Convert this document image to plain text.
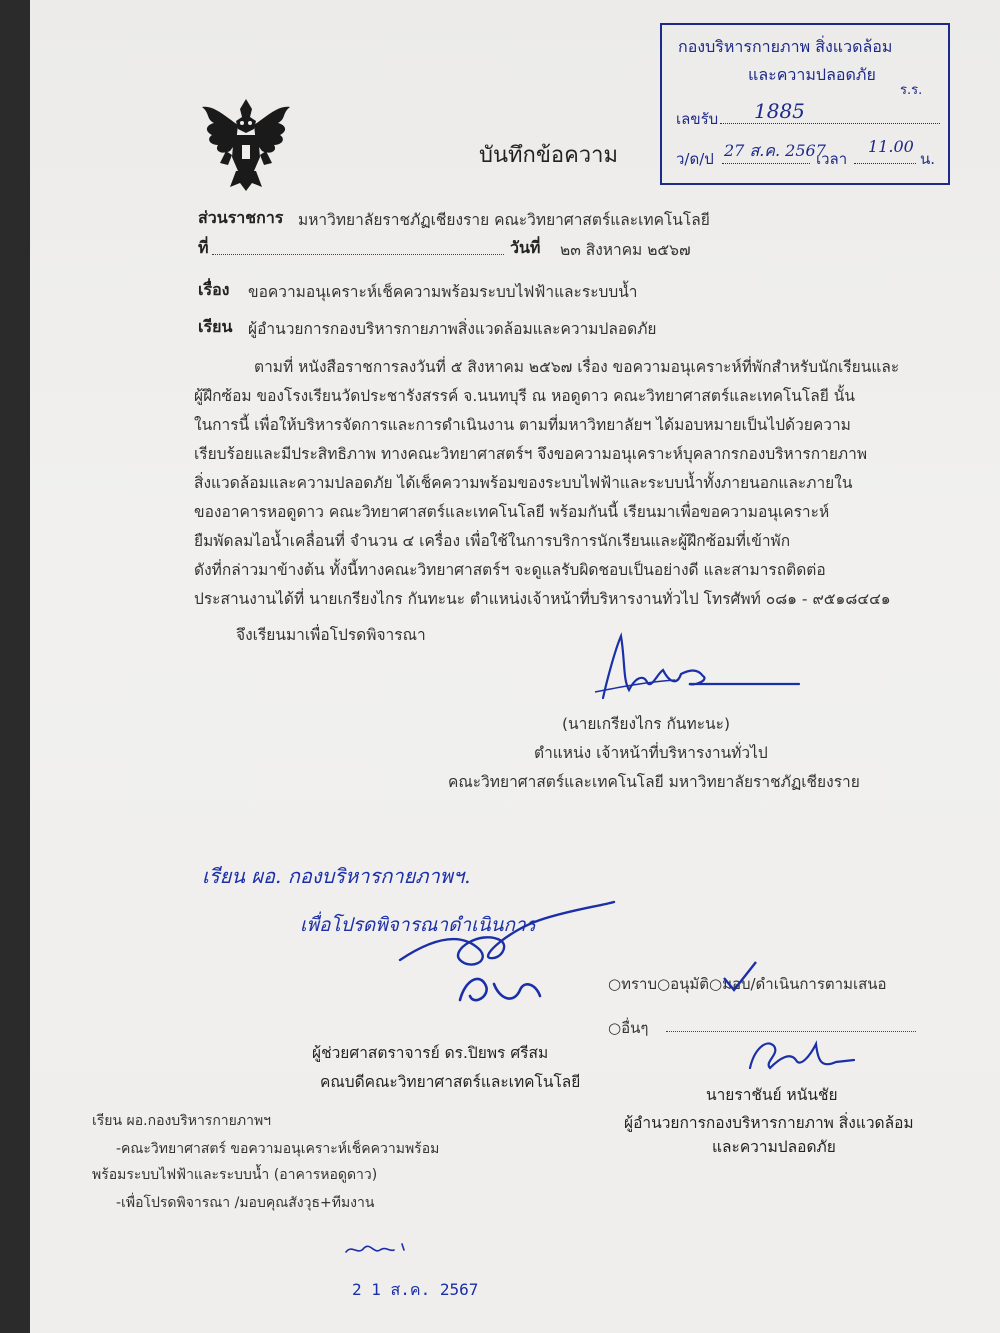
บันทึกข้อความ
กองบริหารกายภาพ สิ่งแวดล้อม
และความปลอดภัย
ร.ร.
เลขรับ 1885
ว/ด/ป 27 ส.ค. 2567
เวลา
11.00
น.
ส่วนราชการ มหาวิทยาลัยราชภัฏเชียงราย คณะวิทยาศาสตร์และเทคโนโลยี
ที่	วันที่ ๒๓ สิงหาคม ๒๕๖๗
เรื่อง ขอความอนุเคราะห์เช็คความพร้อมระบบไฟฟ้าและระบบน้ำ
เรียน ผู้อำนวยการกองบริหารกายภาพสิ่งแวดล้อมและความปลอดภัย
ตามที่ หนังสือราชการลงวันที่ ๕ สิงหาคม ๒๕๖๗ เรื่อง ขอความอนุเคราะห์ที่พักสำหรับนักเรียนและ
ผู้ฝึกซ้อม ของโรงเรียนวัดประชารังสรรค์ จ.นนทบุรี ณ หอดูดาว คณะวิทยาศาสตร์และเทคโนโลยี นั้น
ในการนี้ เพื่อให้บริหารจัดการและการดำเนินงาน ตามที่มหาวิทยาลัยฯ ได้มอบหมายเป็นไปด้วยความ
เรียบร้อยและมีประสิทธิภาพ ทางคณะวิทยาศาสตร์ฯ จึงขอความอนุเคราะห์บุคลากรกองบริหารกายภาพ
สิ่งแวดล้อมและความปลอดภัย ได้เช็คความพร้อมของระบบไฟฟ้าและระบบน้ำทั้งภายนอกและภายใน
ของอาคารหอดูดาว คณะวิทยาศาสตร์และเทคโนโลยี พร้อมกันนี้ เรียนมาเพื่อขอความอนุเคราะห์
ยืมพัดลมไอน้ำเคลื่อนที่ จำนวน ๔ เครื่อง เพื่อใช้ในการบริการนักเรียนและผู้ฝึกซ้อมที่เข้าพัก
ดังที่กล่าวมาข้างต้น ทั้งนี้ทางคณะวิทยาศาสตร์ฯ จะดูแลรับผิดชอบเป็นอย่างดี และสามารถติดต่อ
ประสานงานได้ที่ นายเกรียงไกร กันทะนะ ตำแหน่งเจ้าหน้าที่บริหารงานทั่วไป โทรศัพท์ ๐๘๑ - ๙๕๑๘๔๔๑
จึงเรียนมาเพื่อโปรดพิจารณา
(นายเกรียงไกร กันทะนะ)
ตำแหน่ง เจ้าหน้าที่บริหารงานทั่วไป
คณะวิทยาศาสตร์และเทคโนโลยี มหาวิทยาลัยราชภัฏเชียงราย
เรียน ผอ. กองบริหารกายภาพฯ.
เพื่อโปรดพิจารณาดำเนินการ
ผู้ช่วยศาสตราจารย์ ดร.ปิยพร ศรีสม
คณบดีคณะวิทยาศาสตร์และเทคโนโลยี
○ทราบ○อนุมัติ○มอบ/ดำเนินการตามเสนอ
○อื่นๆ
นายราชันย์ หนันชัย
ผู้อำนวยการกองบริหารกายภาพ สิ่งแวดล้อม
และความปลอดภัย
เรียน ผอ.กองบริหารกายภาพฯ
-คณะวิทยาศาสตร์ ขอความอนุเคราะห์เช็คความพร้อม
พร้อมระบบไฟฟ้าและระบบน้ำ (อาคารหอดูดาว)
-เพื่อโปรดพิจารณา /มอบคุณสังวุธ+ทีมงาน
2 1 ส.ค. 2567
